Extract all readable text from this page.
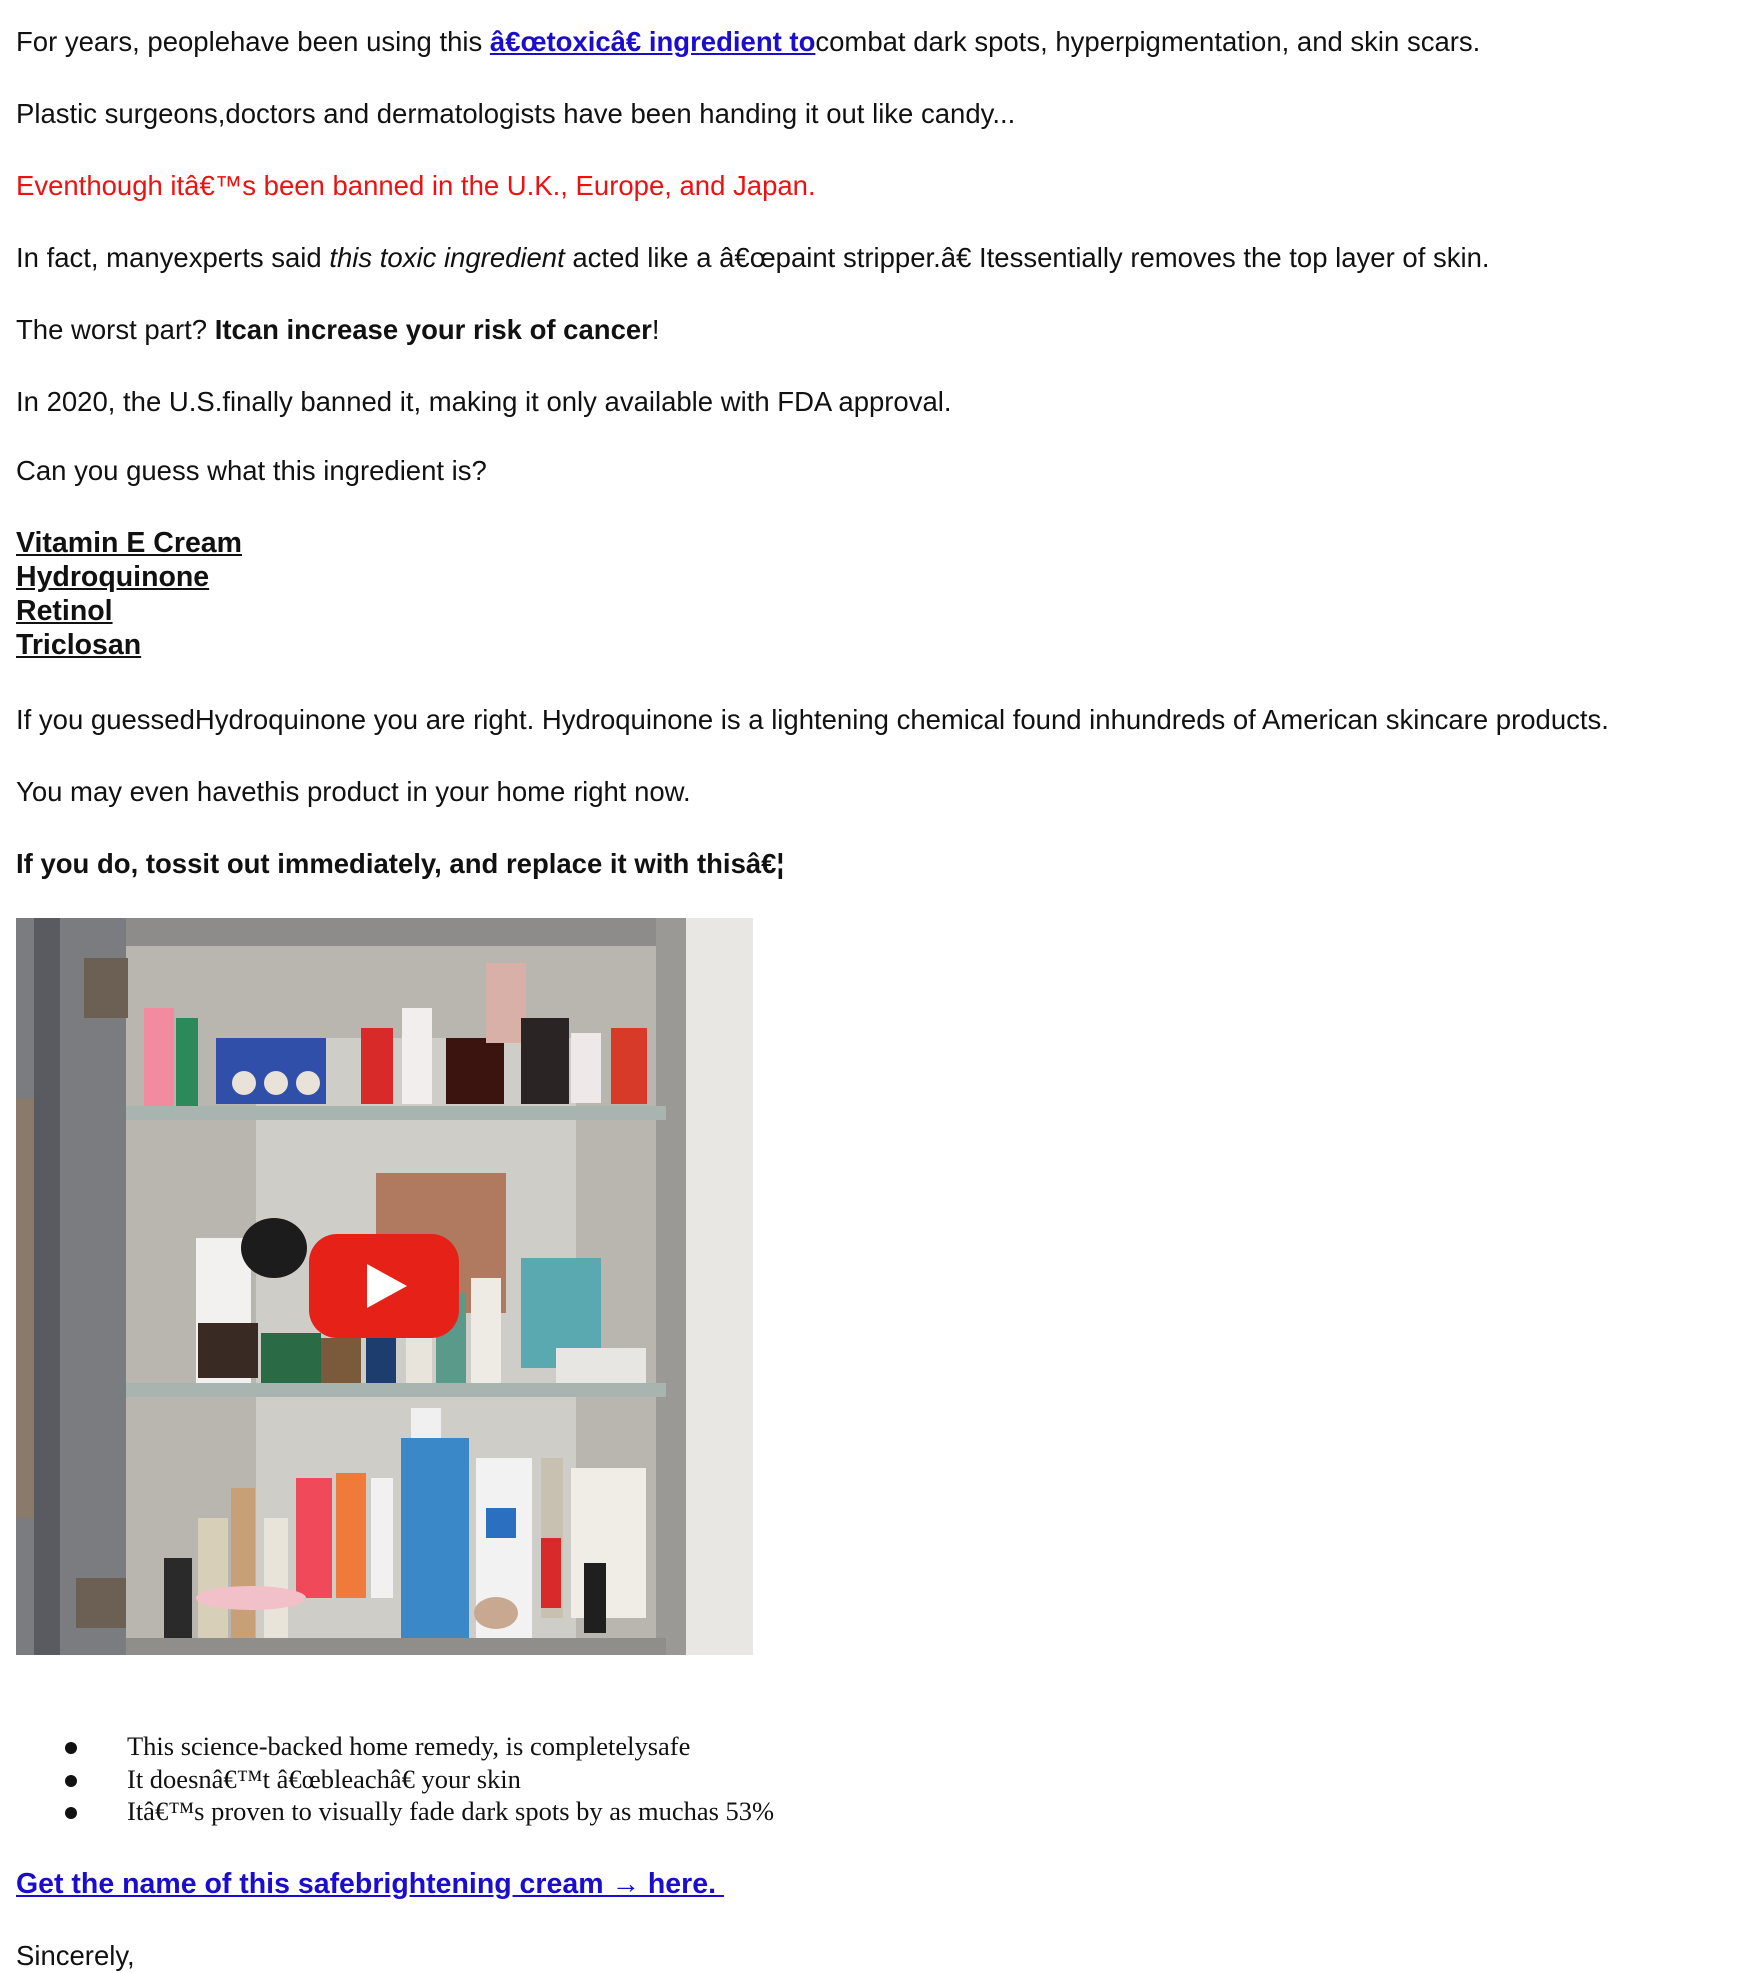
For years, peoplehave been using this â€œtoxicâ€ ingredient tocombat dark spots, hyperpigmentation, and skin scars.
Plastic surgeons,doctors and dermatologists have been handing it out like candy...
Eventhough itâ€™s been banned in the U.K., Europe, and Japan.
In fact, manyexperts said this toxic ingredient acted like a â€œpaint stripper.â€ Itessentially removes the top layer of skin.
The worst part? Itcan increase your risk of cancer!
In 2020, the U.S.finally banned it, making it only available with FDA approval.
Can you guess what this ingredient is?
Vitamin E Cream
Hydroquinone
Retinol
Triclosan
If you guessedHydroquinone you are right. Hydroquinone is a lightening chemical found inhundreds of American skincare products.
You may even havethis product in your home right now.
If you do, tossit out immediately, and replace it with thisâ€¦
This science-backed home remedy, is completelysafe
It doesnâ€™t â€œbleachâ€ your skin
Itâ€™s proven to visually fade dark spots by as muchas 53%
Get the name of this safebrightening cream → here.
Sincerely,
